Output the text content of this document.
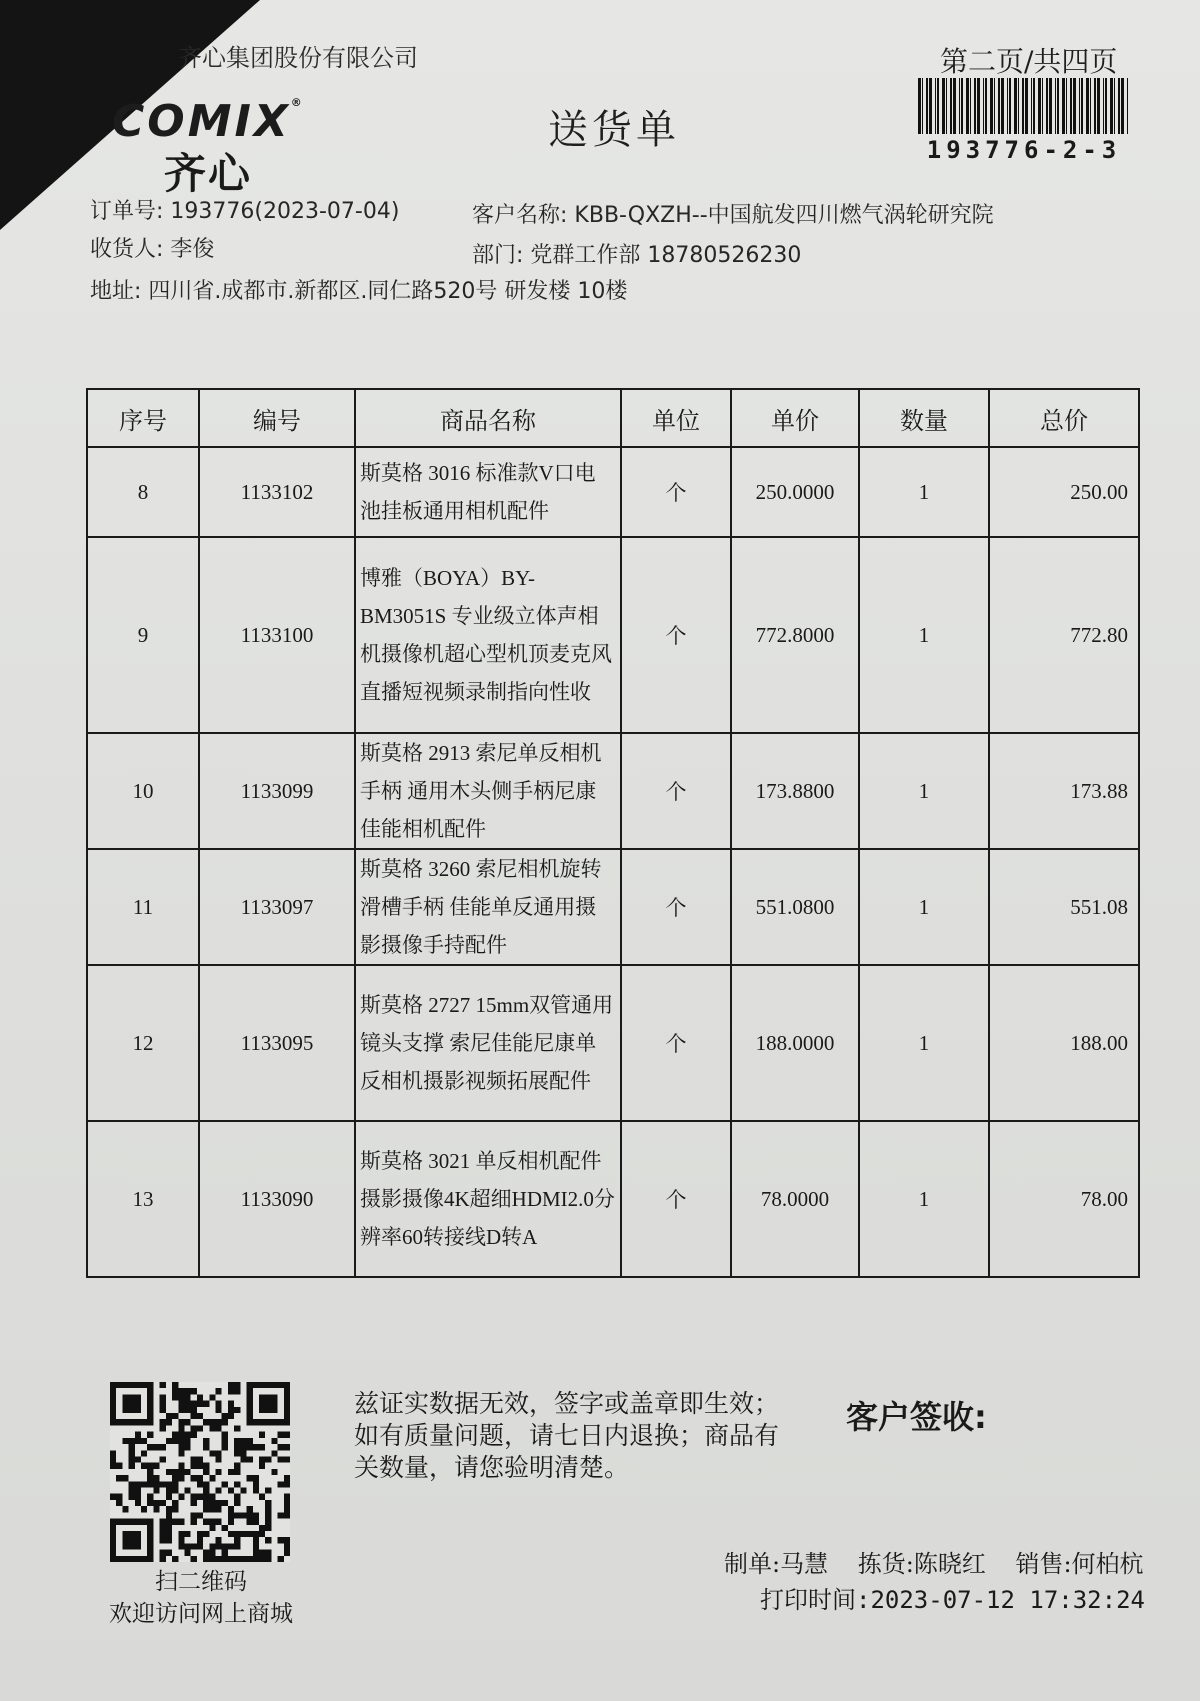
齐心集团股份有限公司
COMIX®
齐心
送货单
第二页/共四页
193776-2-3
订单号: 193776(2023-07-04)	客户名称: KBB-QXZH--中国航发四川燃气涡轮研究院
收货人: 李俊	部门: 党群工作部 18780526230
地址: 四川省.成都市.新都区.同仁路520号 研发楼 10楼
序号	编号	商品名称	单位	单价	数量	总价
8	1133102	斯莫格 3016 标准款V口电池挂板通用相机配件	个	250.0000	1	250.00
9	1133100	博雅（BOYA）BY-BM3051S 专业级立体声相机摄像机超心型机顶麦克风 直播短视频录制指向性收	个	772.8000	1	772.80
10	1133099	斯莫格 2913 索尼单反相机手柄 通用木头侧手柄尼康佳能相机配件	个	173.8800	1	173.88
11	1133097	斯莫格 3260 索尼相机旋转滑槽手柄 佳能单反通用摄影摄像手持配件	个	551.0800	1	551.08
12	1133095	斯莫格 2727 15mm双管通用镜头支撑 索尼佳能尼康单反相机摄影视频拓展配件	个	188.0000	1	188.00
13	1133090	斯莫格 3021 单反相机配件摄影摄像4K超细HDMI2.0分辨率60转接线D转A	个	78.0000	1	78.00
扫二维码
欢迎访问网上商城
兹证实数据无效，签字或盖章即生效；如有质量问题，请七日内退换；商品有关数量，请您验明清楚。
客户签收:
制单:马慧 拣货:陈晓红 销售:何柏杭
打印时间:2023-07-12 17:32:24
